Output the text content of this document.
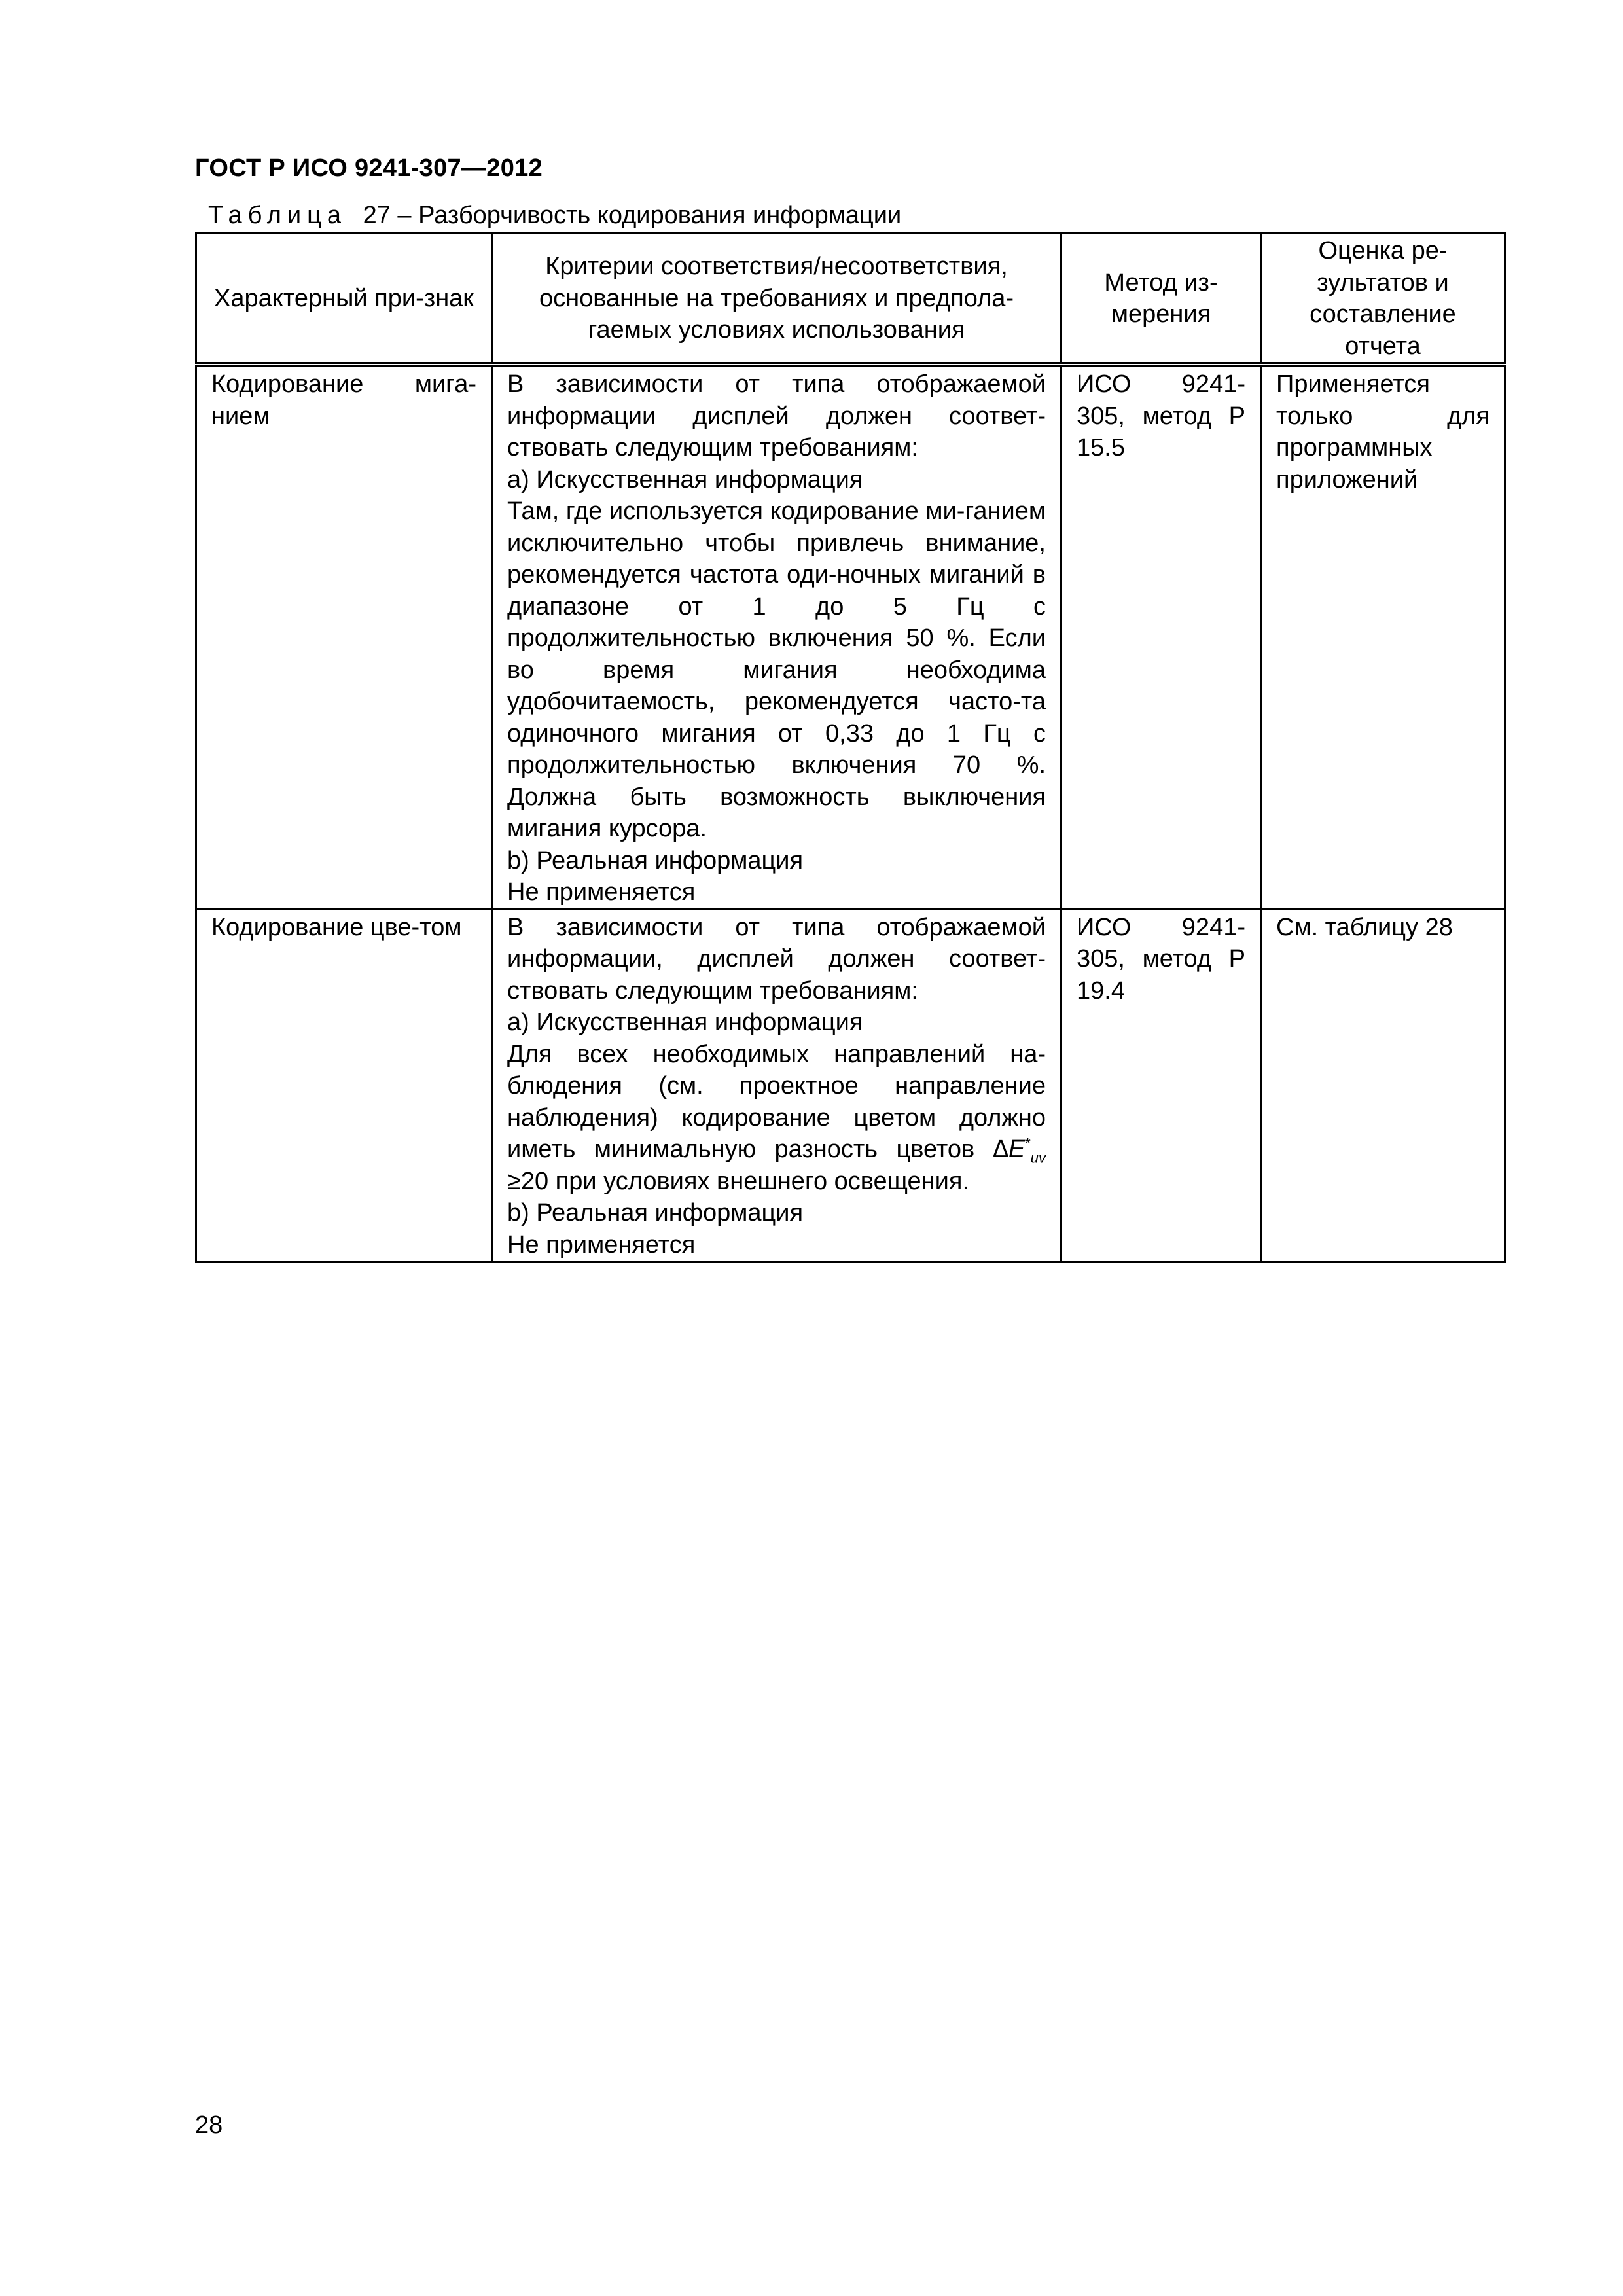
ГОСТ Р ИСО 9241-307—2012
Таблица 27 – Разборчивость кодирования информации
Характерный при-знак	Критерии соответствия/несоответствия, основанные на требованиях и предпола-гаемых условиях использования	Метод из-мерения	Оценка ре-зультатов и составление отчета
Кодирование мига-нием	В зависимости от типа отображаемой информации дисплей должен соответ-ствовать следующим требованиям:
a) Искусственная информация
Там, где используется кодирование ми-ганием исключительно чтобы привлечь внимание, рекомендуется частота оди-ночных миганий в диапазоне от 1 до 5 Гц с продолжительностью включения 50 %. Если во время мигания необходима удобочитаемость, рекомендуется часто-та одиночного мигания от 0,33 до 1 Гц с продолжительностью включения 70 %. Должна быть возможность выключения мигания курсора.
b) Реальная информация
Не применяется	ИСО 9241-305, метод Р 15.5	Применяется только для программных приложений
Кодирование цве-том	В зависимости от типа отображаемой информации, дисплей должен соответ-ствовать следующим требованиям:
a) Искусственная информация
Для всех необходимых направлений на-блюдения (см. проектное направление наблюдения) кодирование цветом должно иметь минимальную разность цветов $\Delta E^*_{uv} \ge 20$ при условиях внешнего освещения.
b) Реальная информация
Не применяется	ИСО 9241-305, метод Р 19.4	См. таблицу 28
28
